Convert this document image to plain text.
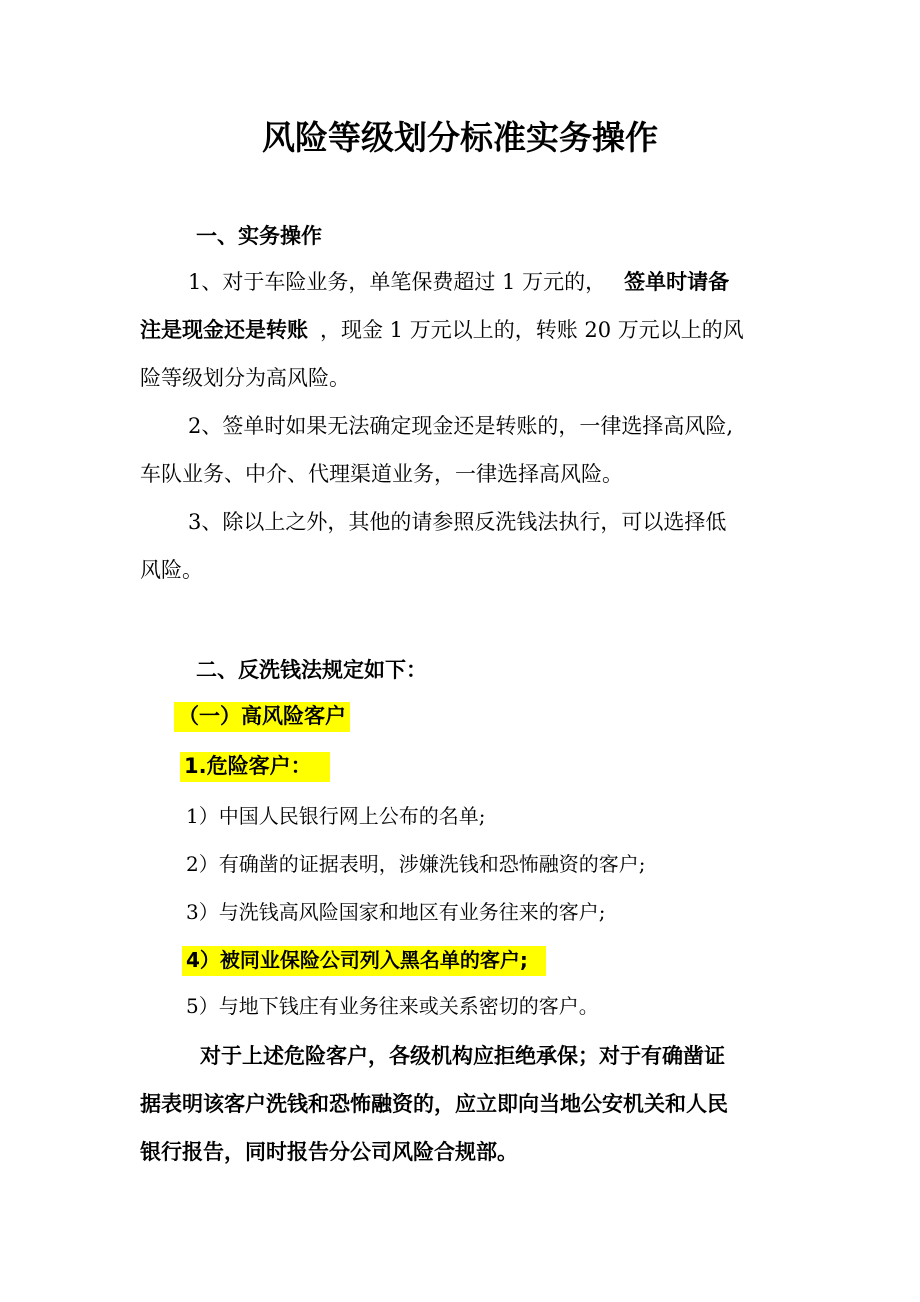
风险等级划分标准实务操作
一、实务操作
1、对于车险业务，单笔保费超过 1 万元的， 签单时请备
注是现金还是转账 ，现金 1 万元以上的，转账 20 万元以上的风
险等级划分为高风险。
2、签单时如果无法确定现金还是转账的，一律选择高风险,
车队业务、中介、代理渠道业务，一律选择高风险。
3、除以上之外，其他的请参照反洗钱法执行，可以选择低
风险。
二、反洗钱法规定如下：
（一）高风险客户
1.危险客户：
1）中国人民银行网上公布的名单;
2）有确凿的证据表明，涉嫌洗钱和恐怖融资的客户;
3）与洗钱高风险国家和地区有业务往来的客户;
4）被同业保险公司列入黑名单的客户;
5）与地下钱庄有业务往来或关系密切的客户。
对于上述危险客户，各级机构应拒绝承保；对于有确凿证
据表明该客户洗钱和恐怖融资的，应立即向当地公安机关和人民
银行报告，同时报告分公司风险合规部。
